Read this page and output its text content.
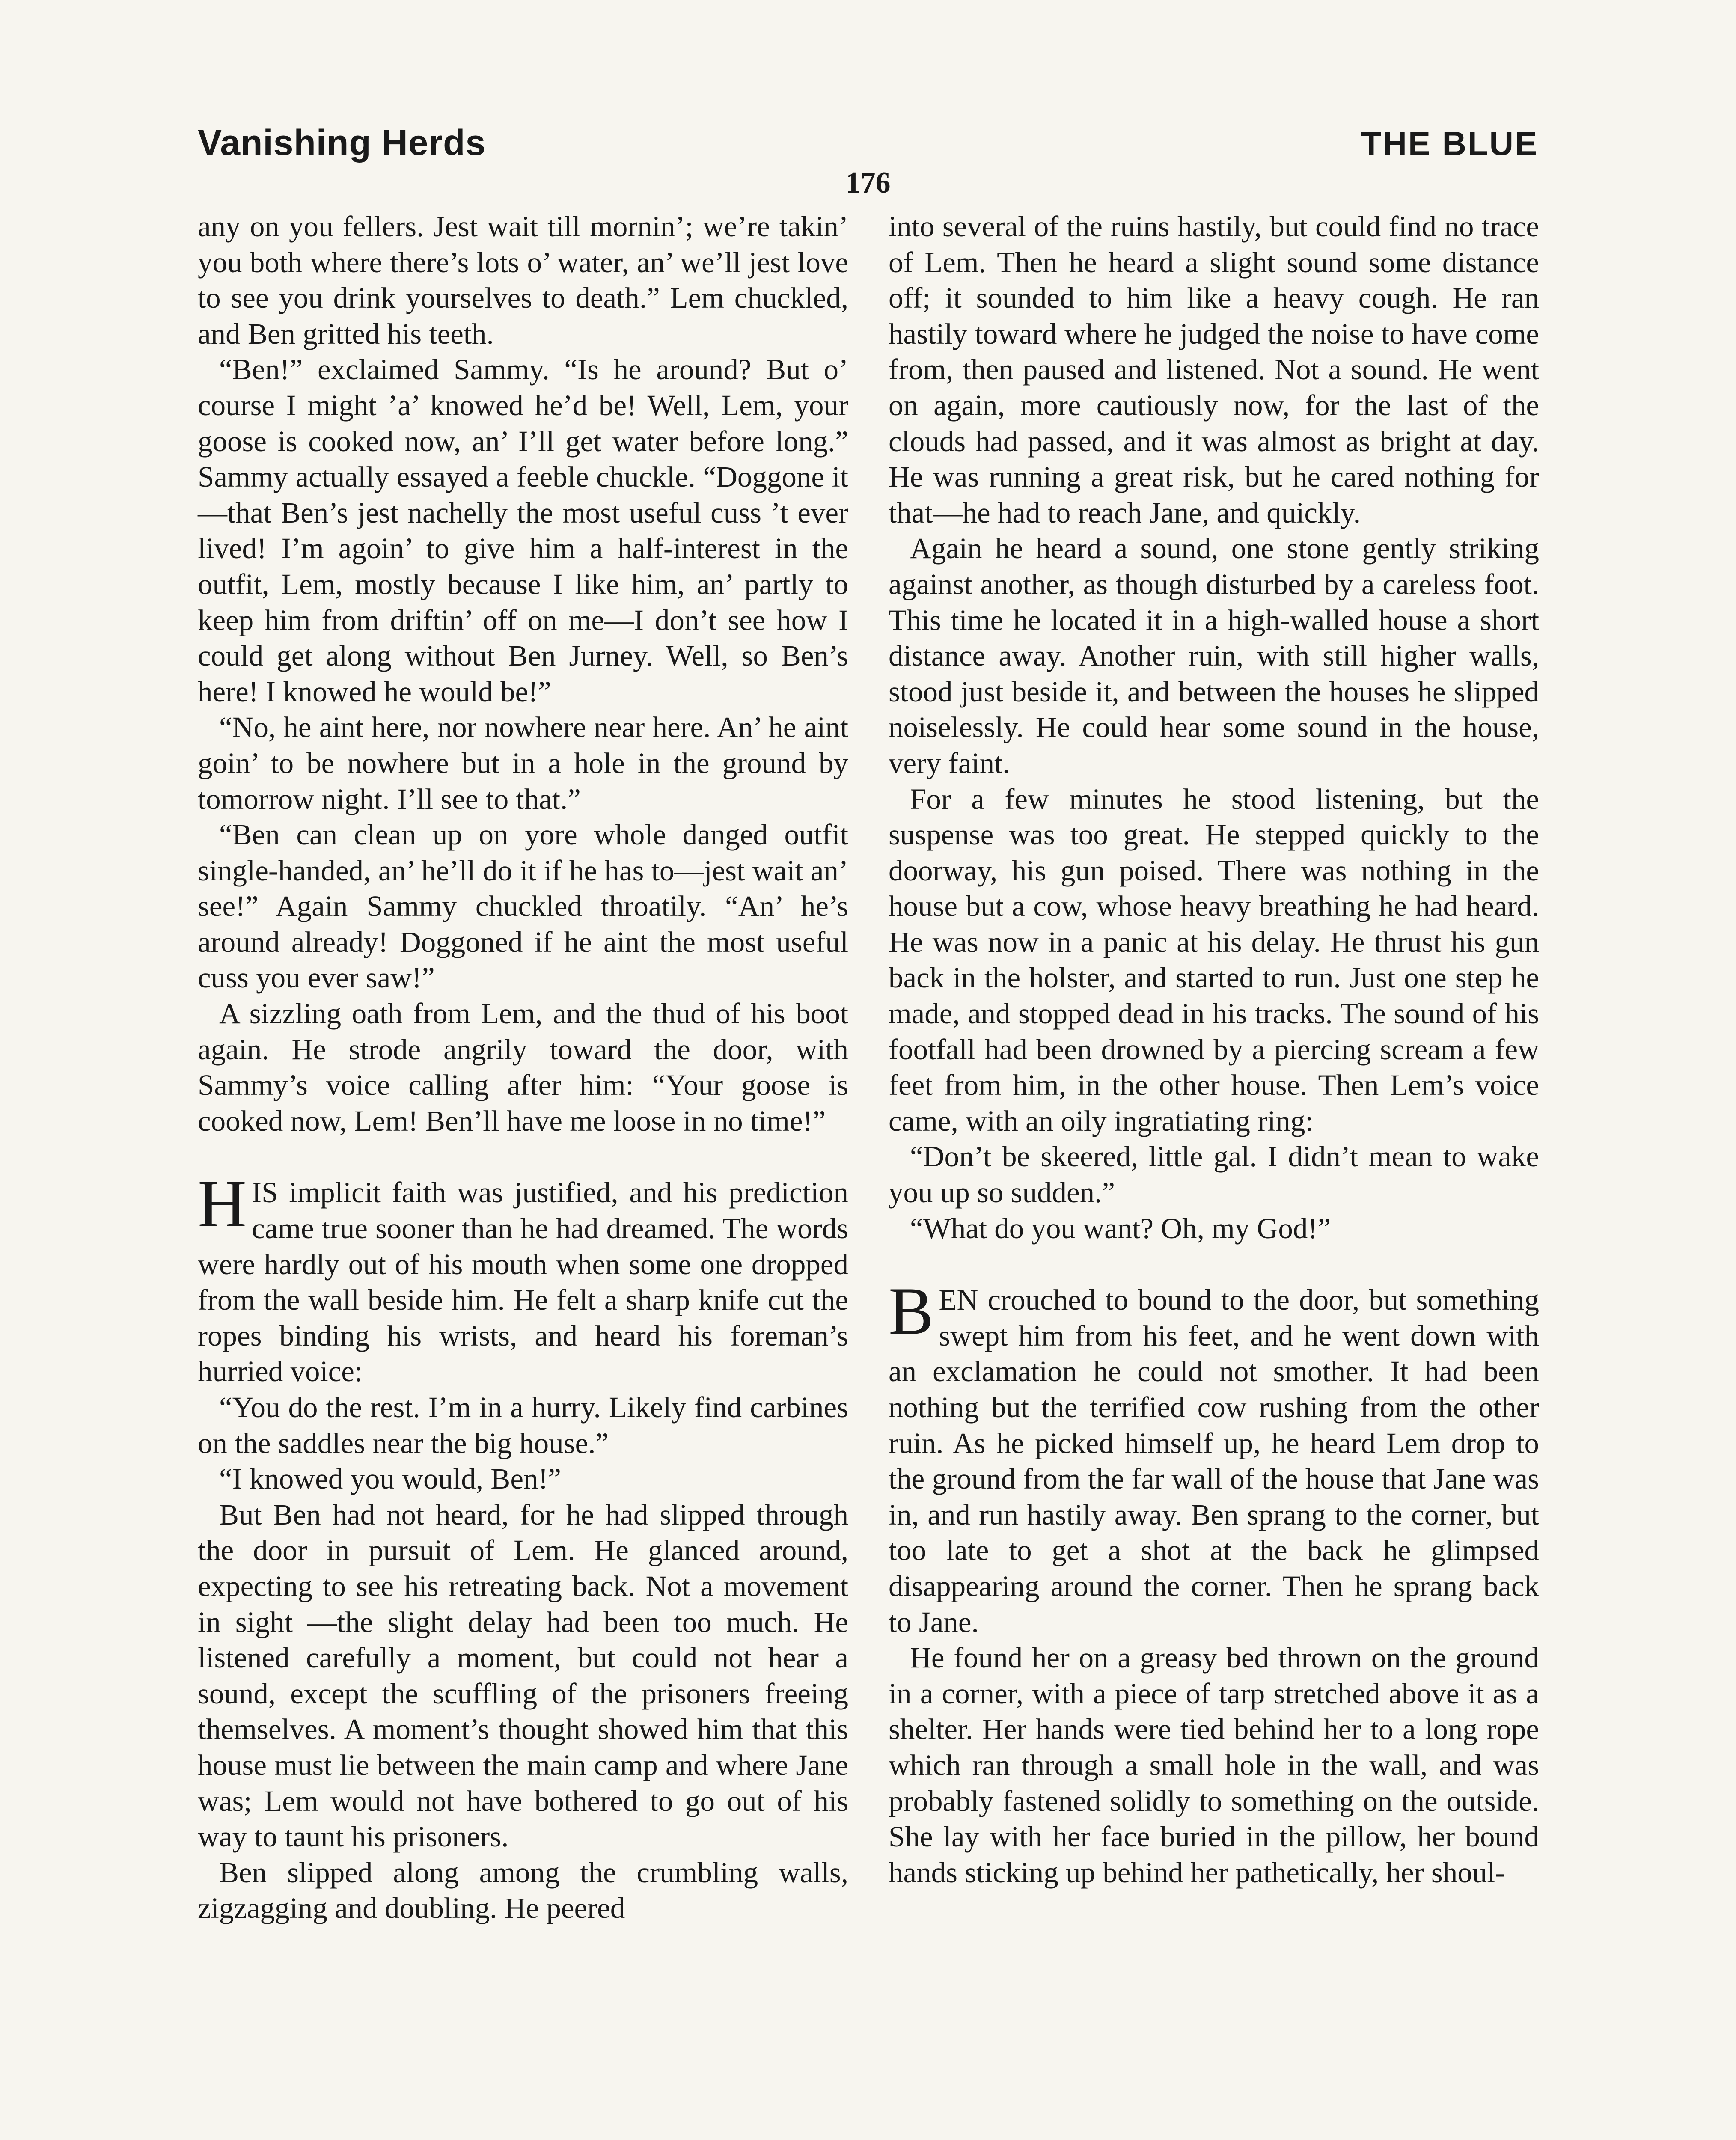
Vanishing Herds	THE BLUE
176

any on you fellers. Jest wait till mornin’; we’re takin’ you both where there’s lots o’ water, an’ we’ll jest love to see you drink yourselves to death.” Lem chuckled, and Ben gritted his teeth.

“Ben!” exclaimed Sammy. “Is he around? But o’ course I might ’a’ knowed he’d be! Well, Lem, your goose is cooked now, an’ I’ll get water before long.” Sammy actually essayed a feeble chuckle. “Doggone it—that Ben’s jest nachelly the most useful cuss ’t ever lived! I’m agoin’ to give him a half-interest in the outfit, Lem, mostly because I like him, an’ partly to keep him from driftin’ off on me—I don’t see how I could get along without Ben Jurney. Well, so Ben’s here! I knowed he would be!”

“No, he aint here, nor nowhere near here. An’ he aint goin’ to be nowhere but in a hole in the ground by tomorrow night. I’ll see to that.”

“Ben can clean up on yore whole danged outfit single-handed, an’ he’ll do it if he has to—jest wait an’ see!” Again Sammy chuckled throatily. “An’ he’s around already! Doggoned if he aint the most useful cuss you ever saw!”

A sizzling oath from Lem, and the thud of his boot again. He strode angrily toward the door, with Sammy’s voice calling after him: “Your goose is cooked now, Lem! Ben’ll have me loose in no time!”

HIS implicit faith was justified, and his prediction came true sooner than he had dreamed. The words were hardly out of his mouth when some one dropped from the wall beside him. He felt a sharp knife cut the ropes binding his wrists, and heard his foreman’s hurried voice:

“You do the rest. I’m in a hurry. Likely find carbines on the saddles near the big house.”

“I knowed you would, Ben!”

But Ben had not heard, for he had slipped through the door in pursuit of Lem. He glanced around, expecting to see his retreating back. Not a movement in sight —the slight delay had been too much. He listened carefully a moment, but could not hear a sound, except the scuffling of the prisoners freeing themselves. A moment’s thought showed him that this house must lie between the main camp and where Jane was; Lem would not have bothered to go out of his way to taunt his prisoners.

Ben slipped along among the crumbling walls, zigzagging and doubling. He peered

into several of the ruins hastily, but could find no trace of Lem. Then he heard a slight sound some distance off; it sounded to him like a heavy cough. He ran hastily toward where he judged the noise to have come from, then paused and listened. Not a sound. He went on again, more cautiously now, for the last of the clouds had passed, and it was almost as bright at day. He was running a great risk, but he cared nothing for that—he had to reach Jane, and quickly.

Again he heard a sound, one stone gently striking against another, as though disturbed by a careless foot. This time he located it in a high-walled house a short distance away. Another ruin, with still higher walls, stood just beside it, and between the houses he slipped noiselessly. He could hear some sound in the house, very faint.

For a few minutes he stood listening, but the suspense was too great. He stepped quickly to the doorway, his gun poised. There was nothing in the house but a cow, whose heavy breathing he had heard. He was now in a panic at his delay. He thrust his gun back in the holster, and started to run. Just one step he made, and stopped dead in his tracks. The sound of his footfall had been drowned by a piercing scream a few feet from him, in the other house. Then Lem’s voice came, with an oily ingratiating ring:

“Don’t be skeered, little gal. I didn’t mean to wake you up so sudden.”

“What do you want? Oh, my God!”

BEN crouched to bound to the door, but something swept him from his feet, and he went down with an exclamation he could not smother. It had been nothing but the terrified cow rushing from the other ruin. As he picked himself up, he heard Lem drop to the ground from the far wall of the house that Jane was in, and run hastily away. Ben sprang to the corner, but too late to get a shot at the back he glimpsed disappearing around the corner. Then he sprang back to Jane.

He found her on a greasy bed thrown on the ground in a corner, with a piece of tarp stretched above it as a shelter. Her hands were tied behind her to a long rope which ran through a small hole in the wall, and was probably fastened solidly to something on the outside. She lay with her face buried in the pillow, her bound hands sticking up behind her pathetically, her shoul-
